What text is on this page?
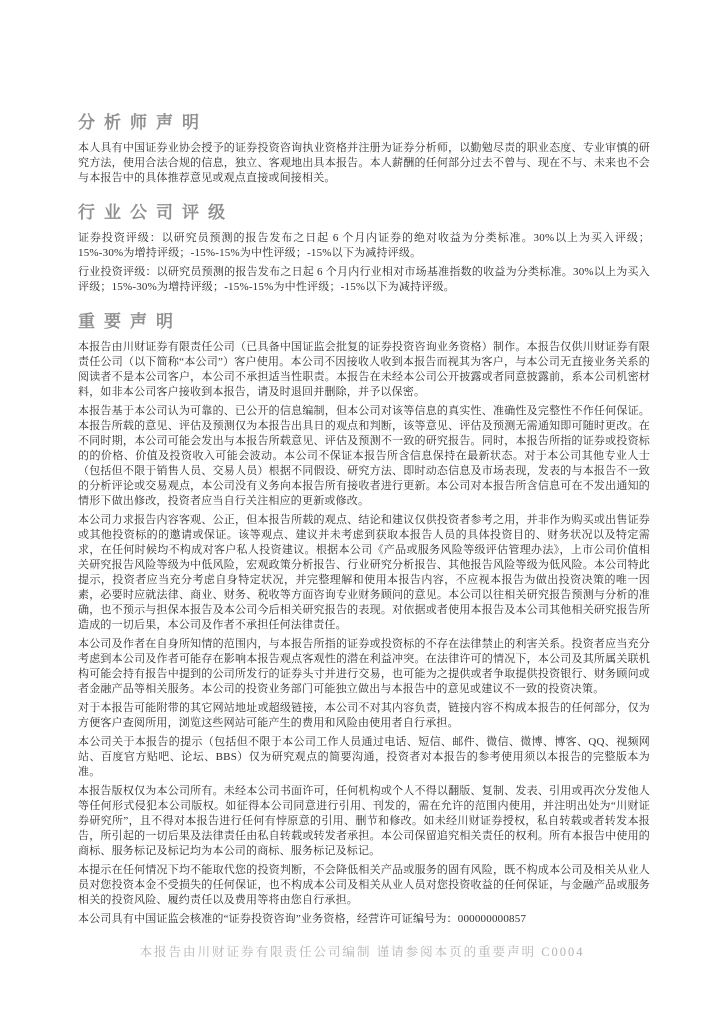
分析师声明

本人具有中国证券业协会授予的证券投资咨询执业资格并注册为证券分析师，以勤勉尽责的职业态度、专业审慎的研究方法，使用合法合规的信息，独立、客观地出具本报告。本人薪酬的任何部分过去不曾与、现在不与、未来也不会与本报告中的具体推荐意见或观点直接或间接相关。

行业公司评级

证券投资评级：以研究员预测的报告发布之日起 6 个月内证券的绝对收益为分类标准。30%以上为买入评级；15%-30%为增持评级；-15%-15%为中性评级；-15%以下为减持评级。

行业投资评级：以研究员预测的报告发布之日起 6 个月内行业相对市场基准指数的收益为分类标准。30%以上为买入评级；15%-30%为增持评级；-15%-15%为中性评级；-15%以下为减持评级。

重要声明

本报告由川财证券有限责任公司（已具备中国证监会批复的证券投资咨询业务资格）制作。本报告仅供川财证券有限责任公司（以下简称“本公司”）客户使用。本公司不因接收人收到本报告而视其为客户，与本公司无直接业务关系的阅读者不是本公司客户，本公司不承担适当性职责。本报告在未经本公司公开披露或者同意披露前，系本公司机密材料，如非本公司客户接收到本报告，请及时退回并删除，并予以保密。

本报告基于本公司认为可靠的、已公开的信息编制，但本公司对该等信息的真实性、准确性及完整性不作任何保证。本报告所载的意见、评估及预测仅为本报告出具日的观点和判断，该等意见、评估及预测无需通知即可随时更改。在不同时期，本公司可能会发出与本报告所载意见、评估及预测不一致的研究报告。同时，本报告所指的证券或投资标的的价格、价值及投资收入可能会波动。本公司不保证本报告所含信息保持在最新状态。对于本公司其他专业人士（包括但不限于销售人员、交易人员）根据不同假设、研究方法、即时动态信息及市场表现，发表的与本报告不一致的分析评论或交易观点，本公司没有义务向本报告所有接收者进行更新。本公司对本报告所含信息可在不发出通知的情形下做出修改，投资者应当自行关注相应的更新或修改。

本公司力求报告内容客观、公正，但本报告所载的观点、结论和建议仅供投资者参考之用，并非作为购买或出售证券或其他投资标的的邀请或保证。该等观点、建议并未考虑到获取本报告人员的具体投资目的、财务状况以及特定需求，在任何时候均不构成对客户私人投资建议。根据本公司《产品或服务风险等级评估管理办法》，上市公司价值相关研究报告风险等级为中低风险，宏观政策分析报告、行业研究分析报告、其他报告风险等级为低风险。本公司特此提示，投资者应当充分考虑自身特定状况，并完整理解和使用本报告内容，不应视本报告为做出投资决策的唯一因素，必要时应就法律、商业、财务、税收等方面咨询专业财务顾问的意见。本公司以往相关研究报告预测与分析的准确，也不预示与担保本报告及本公司今后相关研究报告的表现。对依据或者使用本报告及本公司其他相关研究报告所造成的一切后果，本公司及作者不承担任何法律责任。

本公司及作者在自身所知情的范围内，与本报告所指的证券或投资标的不存在法律禁止的利害关系。投资者应当充分考虑到本公司及作者可能存在影响本报告观点客观性的潜在利益冲突。在法律许可的情况下，本公司及其所属关联机构可能会持有报告中提到的公司所发行的证券头寸并进行交易，也可能为之提供或者争取提供投资银行、财务顾问或者金融产品等相关服务。本公司的投资业务部门可能独立做出与本报告中的意见或建议不一致的投资决策。

对于本报告可能附带的其它网站地址或超级链接，本公司不对其内容负责，链接内容不构成本报告的任何部分，仅为方便客户查阅所用，浏览这些网站可能产生的费用和风险由使用者自行承担。

本公司关于本报告的提示（包括但不限于本公司工作人员通过电话、短信、邮件、微信、微博、博客、QQ、视频网站、百度官方贴吧、论坛、BBS）仅为研究观点的简要沟通，投资者对本报告的参考使用须以本报告的完整版本为准。

本报告版权仅为本公司所有。未经本公司书面许可，任何机构或个人不得以翻版、复制、发表、引用或再次分发他人等任何形式侵犯本公司版权。如征得本公司同意进行引用、刊发的，需在允许的范围内使用，并注明出处为“川财证券研究所”，且不得对本报告进行任何有悖原意的引用、删节和修改。如未经川财证券授权，私自转载或者转发本报告，所引起的一切后果及法律责任由私自转载或转发者承担。本公司保留追究相关责任的权利。所有本报告中使用的商标、服务标记及标记均为本公司的商标、服务标记及标记。

本提示在任何情况下均不能取代您的投资判断，不会降低相关产品或服务的固有风险，既不构成本公司及相关从业人员对您投资本金不受损失的任何保证，也不构成本公司及相关从业人员对您投资收益的任何保证，与金融产品或服务相关的投资风险、履约责任以及费用等将由您自行承担。

本公司具有中国证监会核准的“证券投资咨询”业务资格，经营许可证编号为：000000000857

本报告由川财证券有限责任公司编制 谨请参阅本页的重要声明 C0004
